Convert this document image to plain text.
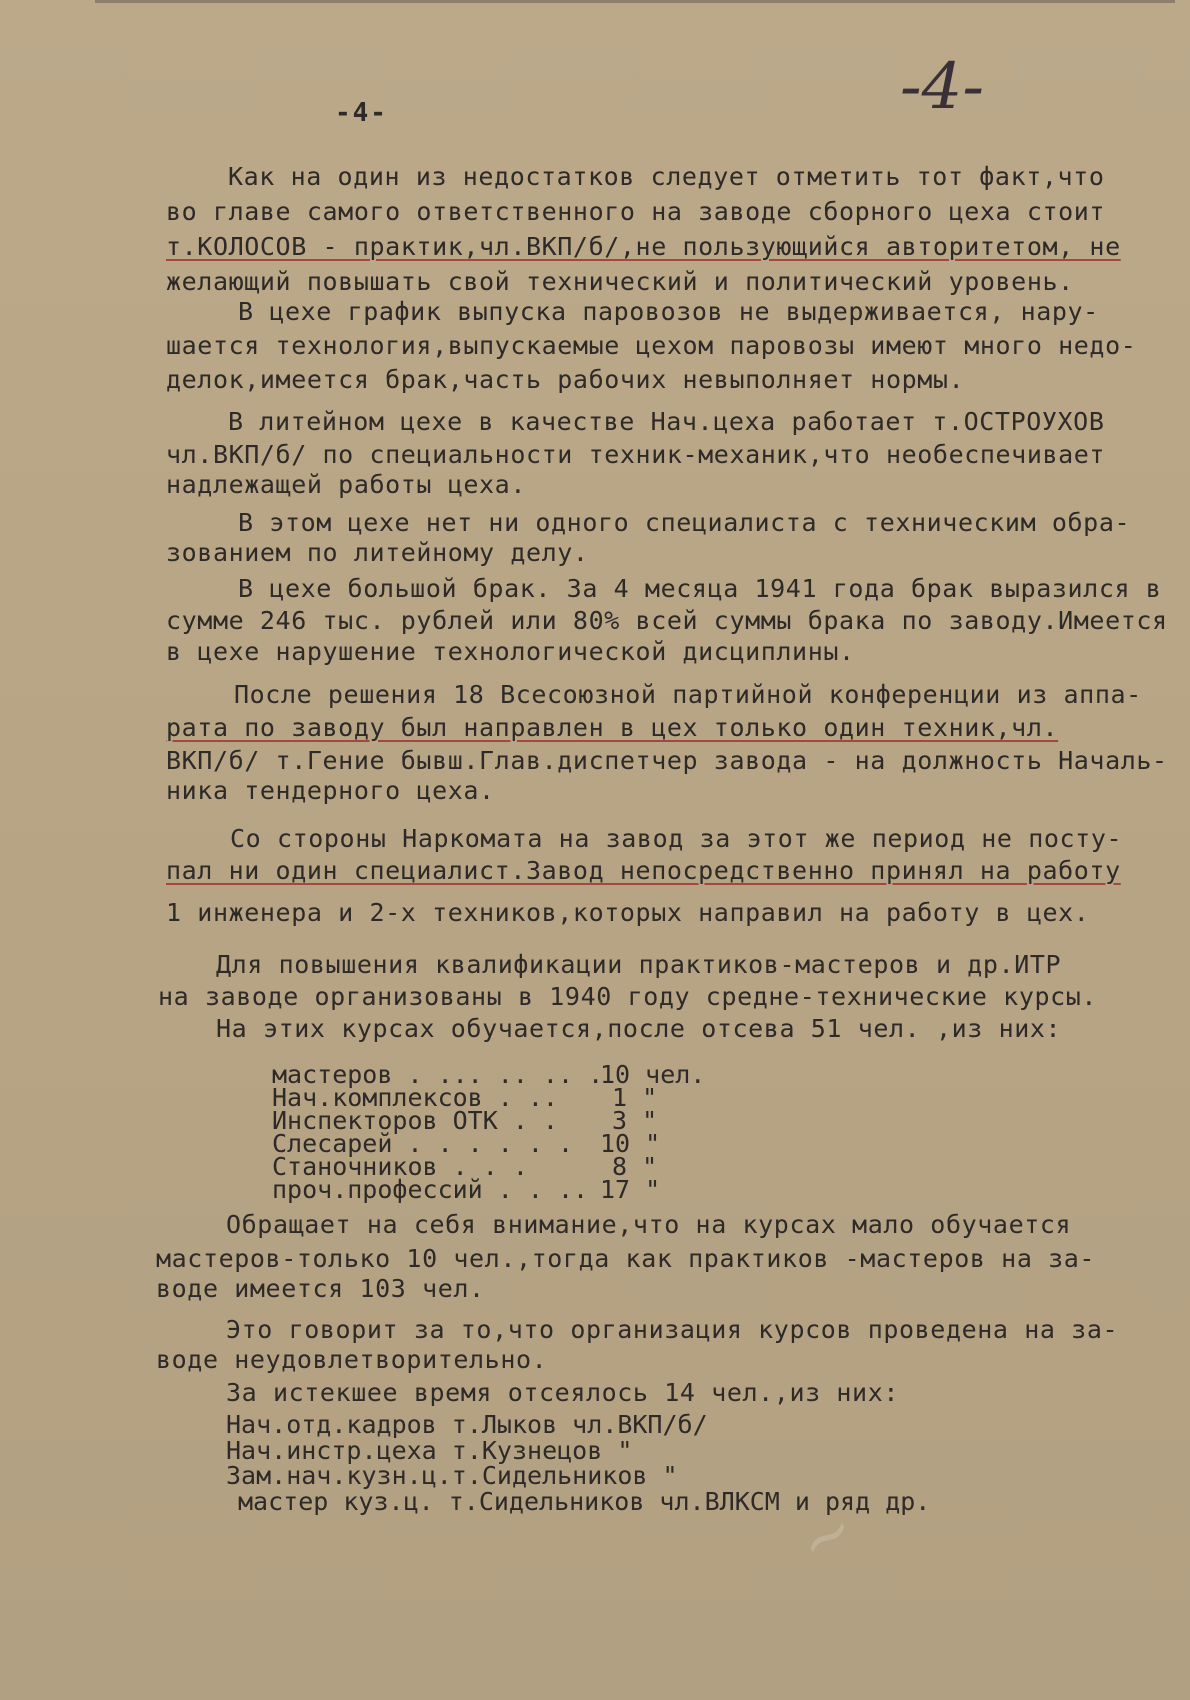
-4-	-4-
Как на один из недостатков следует отметить тот факт,что
во главе самого ответственного на заводе сборного цеха стоит
т.КОЛОСОВ - практик,чл.ВКП/б/,не пользующийся авторитетом, не
желающий повышать свой технический и политический уровень.
В цехе график выпуска паровозов не выдерживается, нару-
шается технология,выпускаемые цехом паровозы имеют много недо-
делок,имеется брак,часть рабочих невыполняет нормы.
В литейном цехе в качестве Нач.цеха работает т.ОСТРОУХОВ
чл.ВКП/б/ по специальности техник-механик,что необеспечивает
надлежащей работы цеха.
В этом цехе нет ни одного специалиста с техническим обра-
зованием по литейному делу.
В цехе большой брак. За 4 месяца 1941 года брак выразился в
сумме 246 тыс. рублей или 80% всей суммы брака по заводу.Имеется
в цехе нарушение технологической дисциплины.
После решения 18 Всесоюзной партийной конференции из аппа-
рата по заводу был направлен в цех только один техник,чл.
ВКП/б/ т.Гениe бывш.Глав.диспетчер завода - на должность Началь-
ника тендерного цеха.
Со стороны Наркомата на завод за этот же период не посту-
пал ни один специалист.Завод непосредственно принял на работу
1 инженера и 2-х техников,которых направил на работу в цех.
Для повышения квалификации практиков-мастеров и др.ИТР
на заводе организованы в 1940 году средне-технические курсы.
На этих курсах обучается,после отсева 51 чел. ,из них:
мастеров . ... .. .. .
10 чел.
Нач.комплексов . .. 1 "
Инспекторов ОТК . . 3 "
Слесарей . . . . . . 10 "
Станочников . . .	8 "
проч.профессий . . .. 17 "
Обращает на себя внимание,что на курсах мало обучается
мастеров-только 10 чел.,тогда как практиков -мастеров на за-
воде имеется 103 чел.
Это говорит за то,что организация курсов проведена на за-
воде неудовлетворительно.
За истекшее время отсеялось 14 чел.,из них:
Нач.отд.кадров т.Лыков чл.ВКП/б/
Нач.инстр.цеха т.Кузнецов "
Зам.нач.кузн.ц.т.Сидельников "
мастер куз.ц. т.Сидельников чл.ВЛКСМ и ряд др.
~
